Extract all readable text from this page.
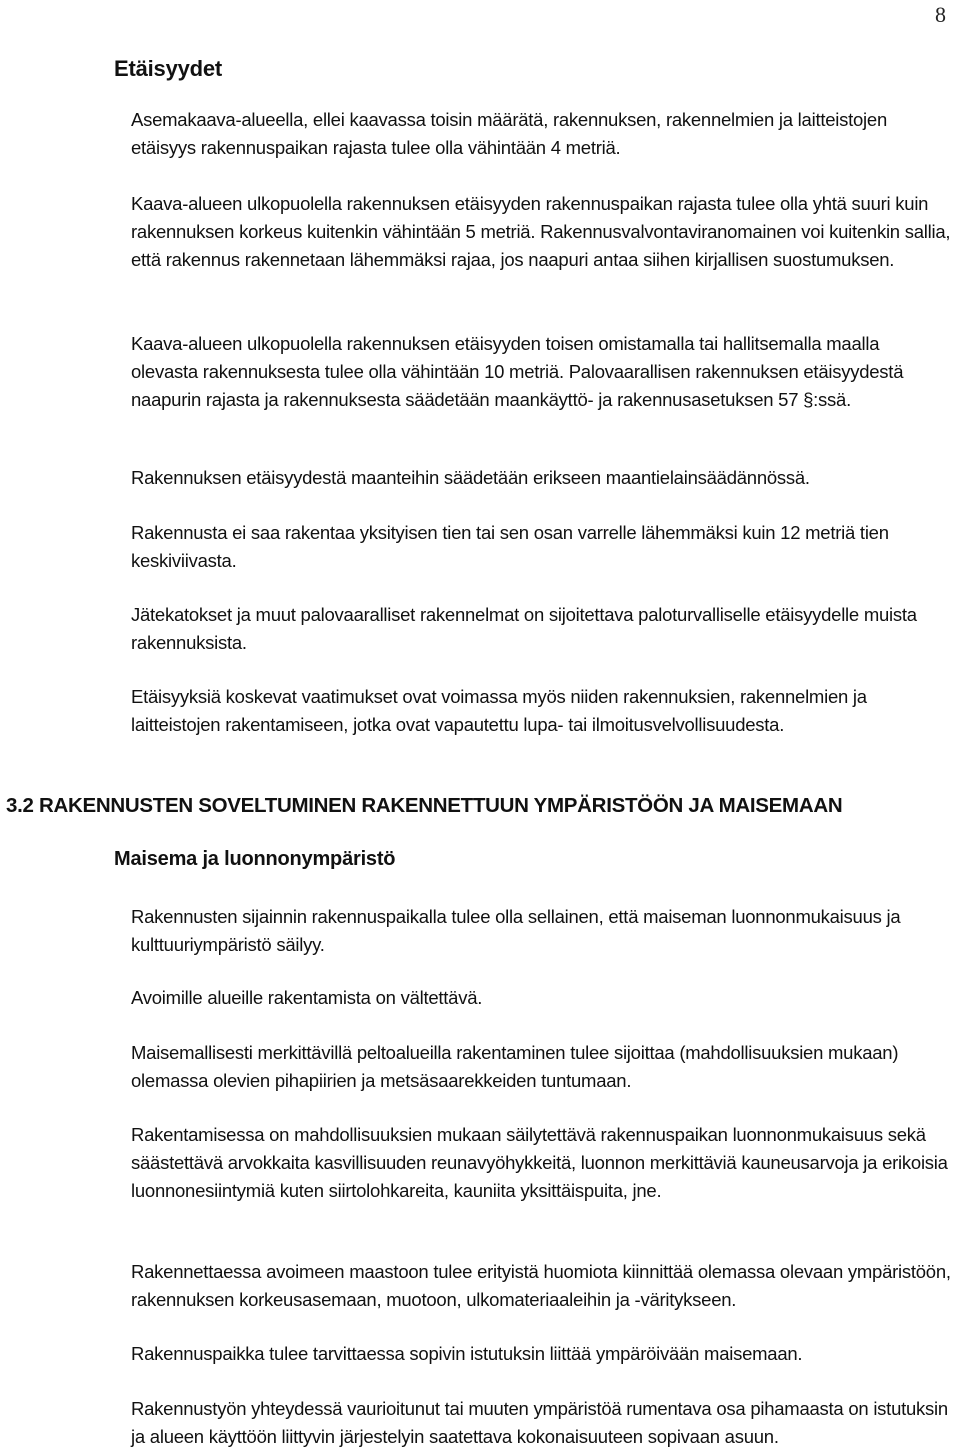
8
Etäisyydet

Asemakaava-alueella, ellei kaavassa toisin määrätä, rakennuksen, rakennelmien ja laitteistojen etäisyys rakennuspaikan rajasta tulee olla vähintään 4 metriä.

Kaava-alueen ulkopuolella rakennuksen etäisyyden rakennuspaikan rajasta tulee olla yhtä suuri kuin rakennuksen korkeus kuitenkin vähintään 5 metriä. Rakennusvalvontaviranomainen voi kuitenkin sallia, että rakennus rakennetaan lähemmäksi rajaa, jos naapuri antaa siihen kirjallisen suostumuksen.

Kaava-alueen ulkopuolella rakennuksen etäisyyden toisen omistamalla tai hallitsemalla maalla olevasta rakennuksesta tulee olla vähintään 10 metriä. Palovaarallisen rakennuksen etäisyydestä naapurin rajasta ja rakennuksesta säädetään maankäyttö- ja rakennusasetuksen 57 §:ssä.

Rakennuksen etäisyydestä maanteihin säädetään erikseen maantielainsäädännössä.

Rakennusta ei saa rakentaa yksityisen tien tai sen osan varrelle lähemmäksi kuin 12 metriä tien keskiviivasta.

Jätekatokset ja muut palovaaralliset rakennelmat on sijoitettava paloturvalliselle etäisyydelle muista rakennuksista.

Etäisyyksiä koskevat vaatimukset ovat voimassa myös niiden rakennuksien, rakennelmien ja laitteistojen rakentamiseen, jotka ovat vapautettu lupa- tai ilmoitusvelvollisuudesta.

3.2 RAKENNUSTEN SOVELTUMINEN RAKENNETTUUN YMPÄRISTÖÖN JA MAISEMAAN
Maisema ja luonnonympäristö

Rakennusten sijainnin rakennuspaikalla tulee olla sellainen, että maiseman luonnonmukaisuus ja kulttuuriympäristö säilyy.

Avoimille alueille rakentamista on vältettävä.

Maisemallisesti merkittävillä peltoalueilla rakentaminen tulee sijoittaa (mahdollisuuksien mukaan) olemassa olevien pihapiirien ja metsäsaarekkeiden tuntumaan.

Rakentamisessa on mahdollisuuksien mukaan säilytettävä rakennuspaikan luonnonmukaisuus sekä säästettävä arvokkaita kasvillisuuden reunavyöhykkeitä, luonnon merkittäviä kauneusarvoja ja erikoisia luonnonesiintymiä kuten siirtolohkareita, kauniita yksittäispuita, jne.

Rakennettaessa avoimeen maastoon tulee erityistä huomiota kiinnittää olemassa olevaan ympäristöön, rakennuksen korkeusasemaan, muotoon, ulkomateriaaleihin ja -väritykseen.

Rakennuspaikka tulee tarvittaessa sopivin istutuksin liittää ympäröivään maisemaan.

Rakennustyön yhteydessä vaurioitunut tai muuten ympäristöä rumentava osa pihamaasta on istutuksin ja alueen käyttöön liittyvin järjestelyin saatettava kokonaisuuteen sopivaan asuun.
